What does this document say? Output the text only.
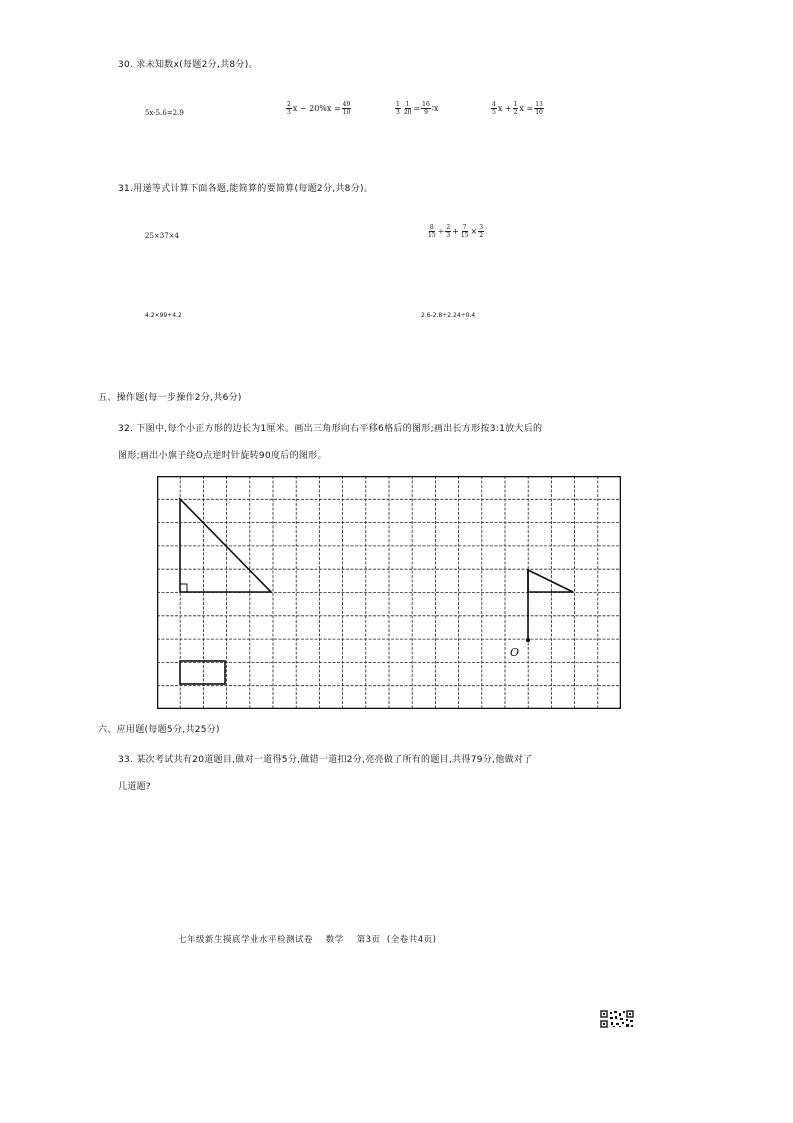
30. 求未知数x(每题2分,共8分)。
5x-5.6=2.9	$\frac{2}{3}$ $x - 20\%x = \frac{49}{10}$	$\frac{1}{3} \frac{1}{20} = \frac{16}{9}$ ∶x	$\frac{4}{5}$ $x + \frac{1}{2}$ $x = \frac{13}{10}$
31.用递等式计算下面各题,能简算的要简算(每题2分,共8分)。
25×37×4	$\frac{8}{15} \div \frac{2}{3} + \frac{7}{15} \times \frac{3}{2}$
4.2×99+4.2	2.6-2.8÷2.24÷0.4
五、操作题(每一步操作2分,共6分)
32. 下图中,每个小正方形的边长为1厘米。画出三角形向右平移6格后的图形;画出长方形按3:1放大后的
图形;画出小旗子绕O点逆时针旋转90度后的图形。
O
六、应用题(每题5分,共25分)
33. 某次考试共有20道题目,做对一道得5分,做错一道扣2分,亮亮做了所有的题目,共得79分,他做对了
几道题?
七年级新生摸底学业水平检测试卷    数学    第3页  (全卷共4页)
